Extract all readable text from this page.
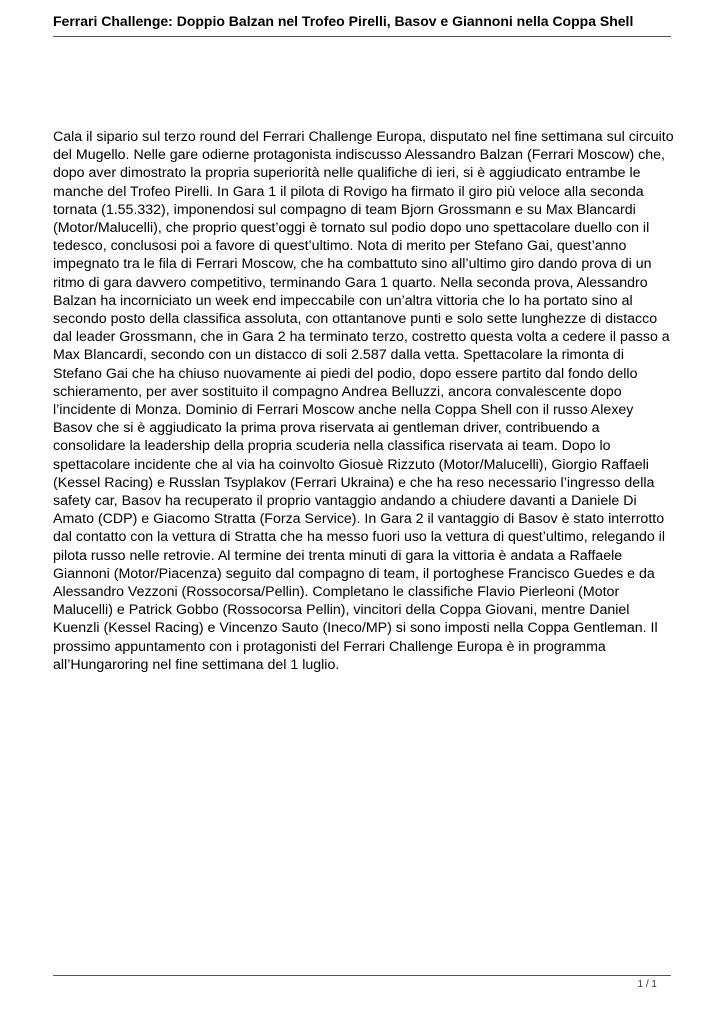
Ferrari Challenge: Doppio Balzan nel Trofeo Pirelli, Basov e Giannoni nella Coppa Shell

Cala il sipario sul terzo round del Ferrari Challenge Europa, disputato nel fine settimana sul circuito del Mugello. Nelle gare odierne protagonista indiscusso Alessandro Balzan (Ferrari Moscow) che, dopo aver dimostrato la propria superiorità nelle qualifiche di ieri, si è aggiudicato entrambe le manche del Trofeo Pirelli. In Gara 1 il pilota di Rovigo ha firmato il giro più veloce alla seconda tornata (1.55.332), imponendosi sul compagno di team Bjorn Grossmann e su Max Blancardi (Motor/Malucelli), che proprio quest’oggi è tornato sul podio dopo uno spettacolare duello con il tedesco, conclusosi poi a favore di quest’ultimo. Nota di merito per Stefano Gai, quest’anno impegnato tra le fila di Ferrari Moscow, che ha combattuto sino all’ultimo giro dando prova di un ritmo di gara davvero competitivo, terminando Gara 1 quarto. Nella seconda prova, Alessandro Balzan ha incorniciato un week end impeccabile con un’altra vittoria che lo ha portato sino al secondo posto della classifica assoluta, con ottantanove punti e solo sette lunghezze di distacco dal leader Grossmann, che in Gara 2 ha terminato terzo, costretto questa volta a cedere il passo a Max Blancardi, secondo con un distacco di soli 2.587 dalla vetta. Spettacolare la rimonta di Stefano Gai che ha chiuso nuovamente ai piedi del podio, dopo essere partito dal fondo dello schieramento, per aver sostituito il compagno Andrea Belluzzi, ancora convalescente dopo l’incidente di Monza. Dominio di Ferrari Moscow anche nella Coppa Shell con il russo Alexey Basov che si è aggiudicato la prima prova riservata ai gentleman driver, contribuendo a consolidare la leadership della propria scuderia nella classifica riservata ai team. Dopo lo spettacolare incidente che al via ha coinvolto Giosuè Rizzuto (Motor/Malucelli), Giorgio Raffaeli (Kessel Racing) e Russlan Tsyplakov (Ferrari Ukraina) e che ha reso necessario l’ingresso della safety car, Basov ha recuperato il proprio vantaggio andando a chiudere davanti a Daniele Di Amato (CDP) e Giacomo Stratta (Forza Service). In Gara 2 il vantaggio di Basov è stato interrotto dal contatto con la vettura di Stratta che ha messo fuori uso la vettura di quest’ultimo, relegando il pilota russo nelle retrovie. Al termine dei trenta minuti di gara la vittoria è andata a Raffaele Giannoni (Motor/Piacenza) seguito dal compagno di team, il portoghese Francisco Guedes e da Alessandro Vezzoni (Rossocorsa/Pellin). Completano le classifiche Flavio Pierleoni (Motor Malucelli) e Patrick Gobbo (Rossocorsa Pellin), vincitori della Coppa Giovani, mentre Daniel Kuenzli (Kessel Racing) e Vincenzo Sauto (Ineco/MP) si sono imposti nella Coppa Gentleman. Il prossimo appuntamento con i protagonisti del Ferrari Challenge Europa è in programma all’Hungaroring nel fine settimana del 1 luglio.

1 / 1
